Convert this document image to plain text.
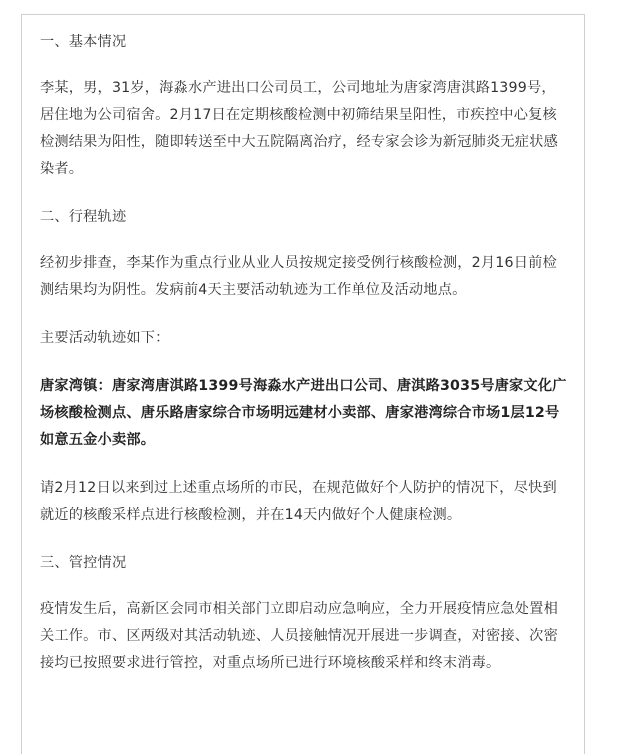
一、基本情况

李某，男，31岁，海淼水产进出口公司员工，公司地址为唐家湾唐淇路1399号，居住地为公司宿舍。2月17日在定期核酸检测中初筛结果呈阳性，市疾控中心复核检测结果为阳性，随即转送至中大五院隔离治疗，经专家会诊为新冠肺炎无症状感染者。

二、行程轨迹

经初步排查，李某作为重点行业从业人员按规定接受例行核酸检测，2月16日前检测结果均为阴性。发病前4天主要活动轨迹为工作单位及活动地点。

主要活动轨迹如下：

唐家湾镇：唐家湾唐淇路1399号海淼水产进出口公司、唐淇路3035号唐家文化广场核酸检测点、唐乐路唐家综合市场明远建材小卖部、唐家港湾综合市场1层12号如意五金小卖部。

请2月12日以来到过上述重点场所的市民，在规范做好个人防护的情况下，尽快到就近的核酸采样点进行核酸检测，并在14天内做好个人健康检测。

三、管控情况

疫情发生后，高新区会同市相关部门立即启动应急响应，全力开展疫情应急处置相关工作。市、区两级对其活动轨迹、人员接触情况开展进一步调查，对密接、次密接均已按照要求进行管控，对重点场所已进行环境核酸采样和终末消毒。
